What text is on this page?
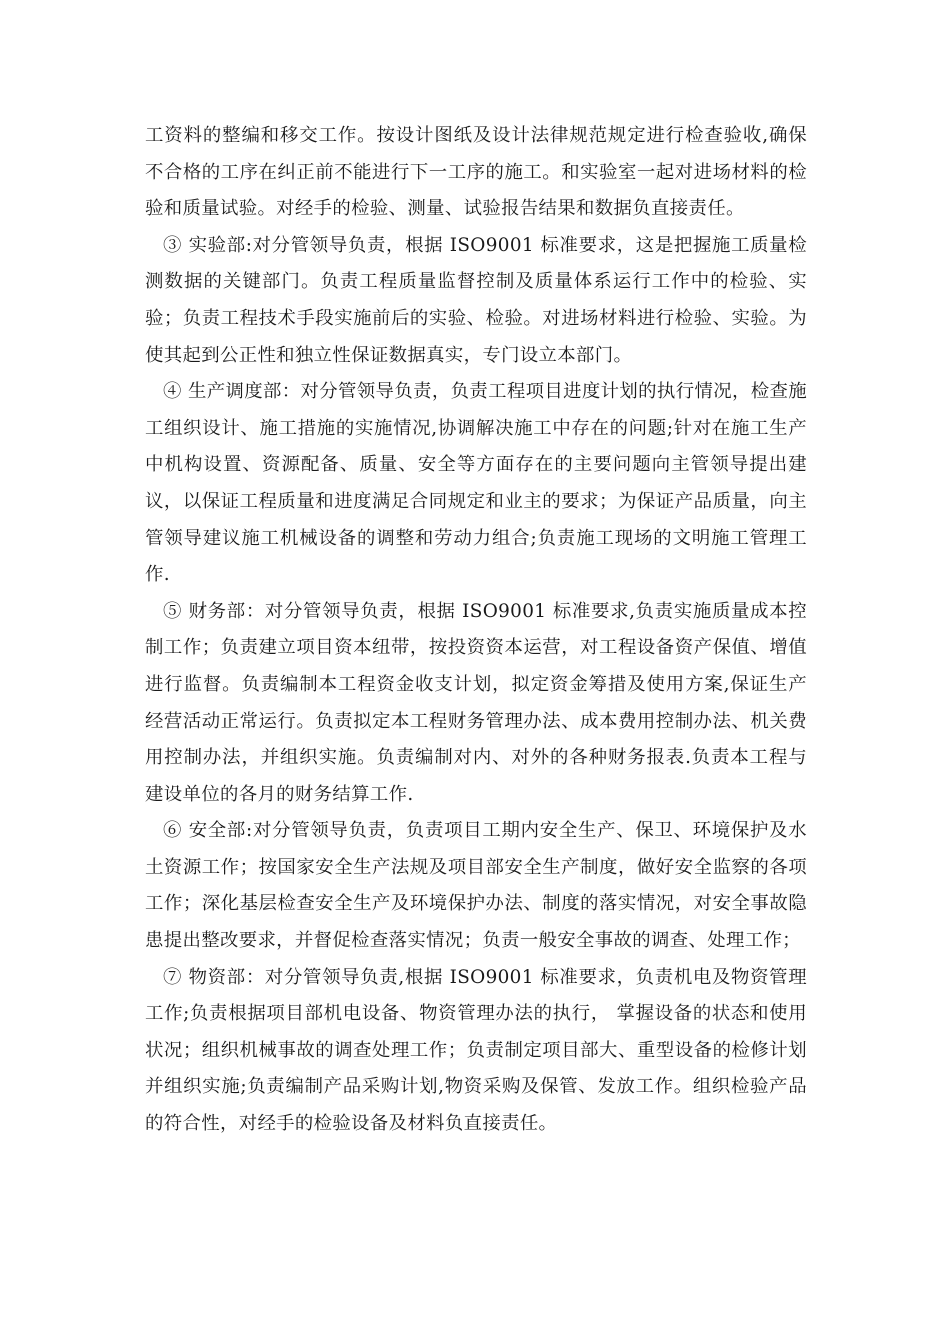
工资料的整编和移交工作。按设计图纸及设计法律规范规定进行检查验收,确保不合格的工序在纠正前不能进行下一工序的施工。和实验室一起对进场材料的检验和质量试验。对经手的检验、测量、试验报告结果和数据负直接责任。

③ 实验部:对分管领导负责，根据 ISO9001 标准要求，这是把握施工质量检测数据的关键部门。负责工程质量监督控制及质量体系运行工作中的检验、实验；负责工程技术手段实施前后的实验、检验。对进场材料进行检验、实验。为使其起到公正性和独立性保证数据真实，专门设立本部门。

④ 生产调度部：对分管领导负责，负责工程项目进度计划的执行情况，检查施工组织设计、施工措施的实施情况,协调解决施工中存在的问题;针对在施工生产中机构设置、资源配备、质量、安全等方面存在的主要问题向主管领导提出建议，以保证工程质量和进度满足合同规定和业主的要求；为保证产品质量，向主管领导建议施工机械设备的调整和劳动力组合;负责施工现场的文明施工管理工作.

⑤ 财务部：对分管领导负责，根据 ISO9001 标准要求,负责实施质量成本控制工作；负责建立项目资本纽带，按投资资本运营，对工程设备资产保值、增值进行监督。负责编制本工程资金收支计划，拟定资金筹措及使用方案,保证生产经营活动正常运行。负责拟定本工程财务管理办法、成本费用控制办法、机关费用控制办法，并组织实施。负责编制对内、对外的各种财务报表.负责本工程与建设单位的各月的财务结算工作.

⑥ 安全部:对分管领导负责，负责项目工期内安全生产、保卫、环境保护及水土资源工作；按国家安全生产法规及项目部安全生产制度，做好安全监察的各项工作；深化基层检查安全生产及环境保护办法、制度的落实情况，对安全事故隐患提出整改要求，并督促检查落实情况；负责一般安全事故的调查、处理工作；

⑦ 物资部：对分管领导负责,根据 ISO9001 标准要求，负责机电及物资管理工作;负责根据项目部机电设备、物资管理办法的执行， 掌握设备的状态和使用状况；组织机械事故的调查处理工作；负责制定项目部大、重型设备的检修计划并组织实施;负责编制产品采购计划,物资采购及保管、发放工作。组织检验产品的符合性，对经手的检验设备及材料负直接责任。
